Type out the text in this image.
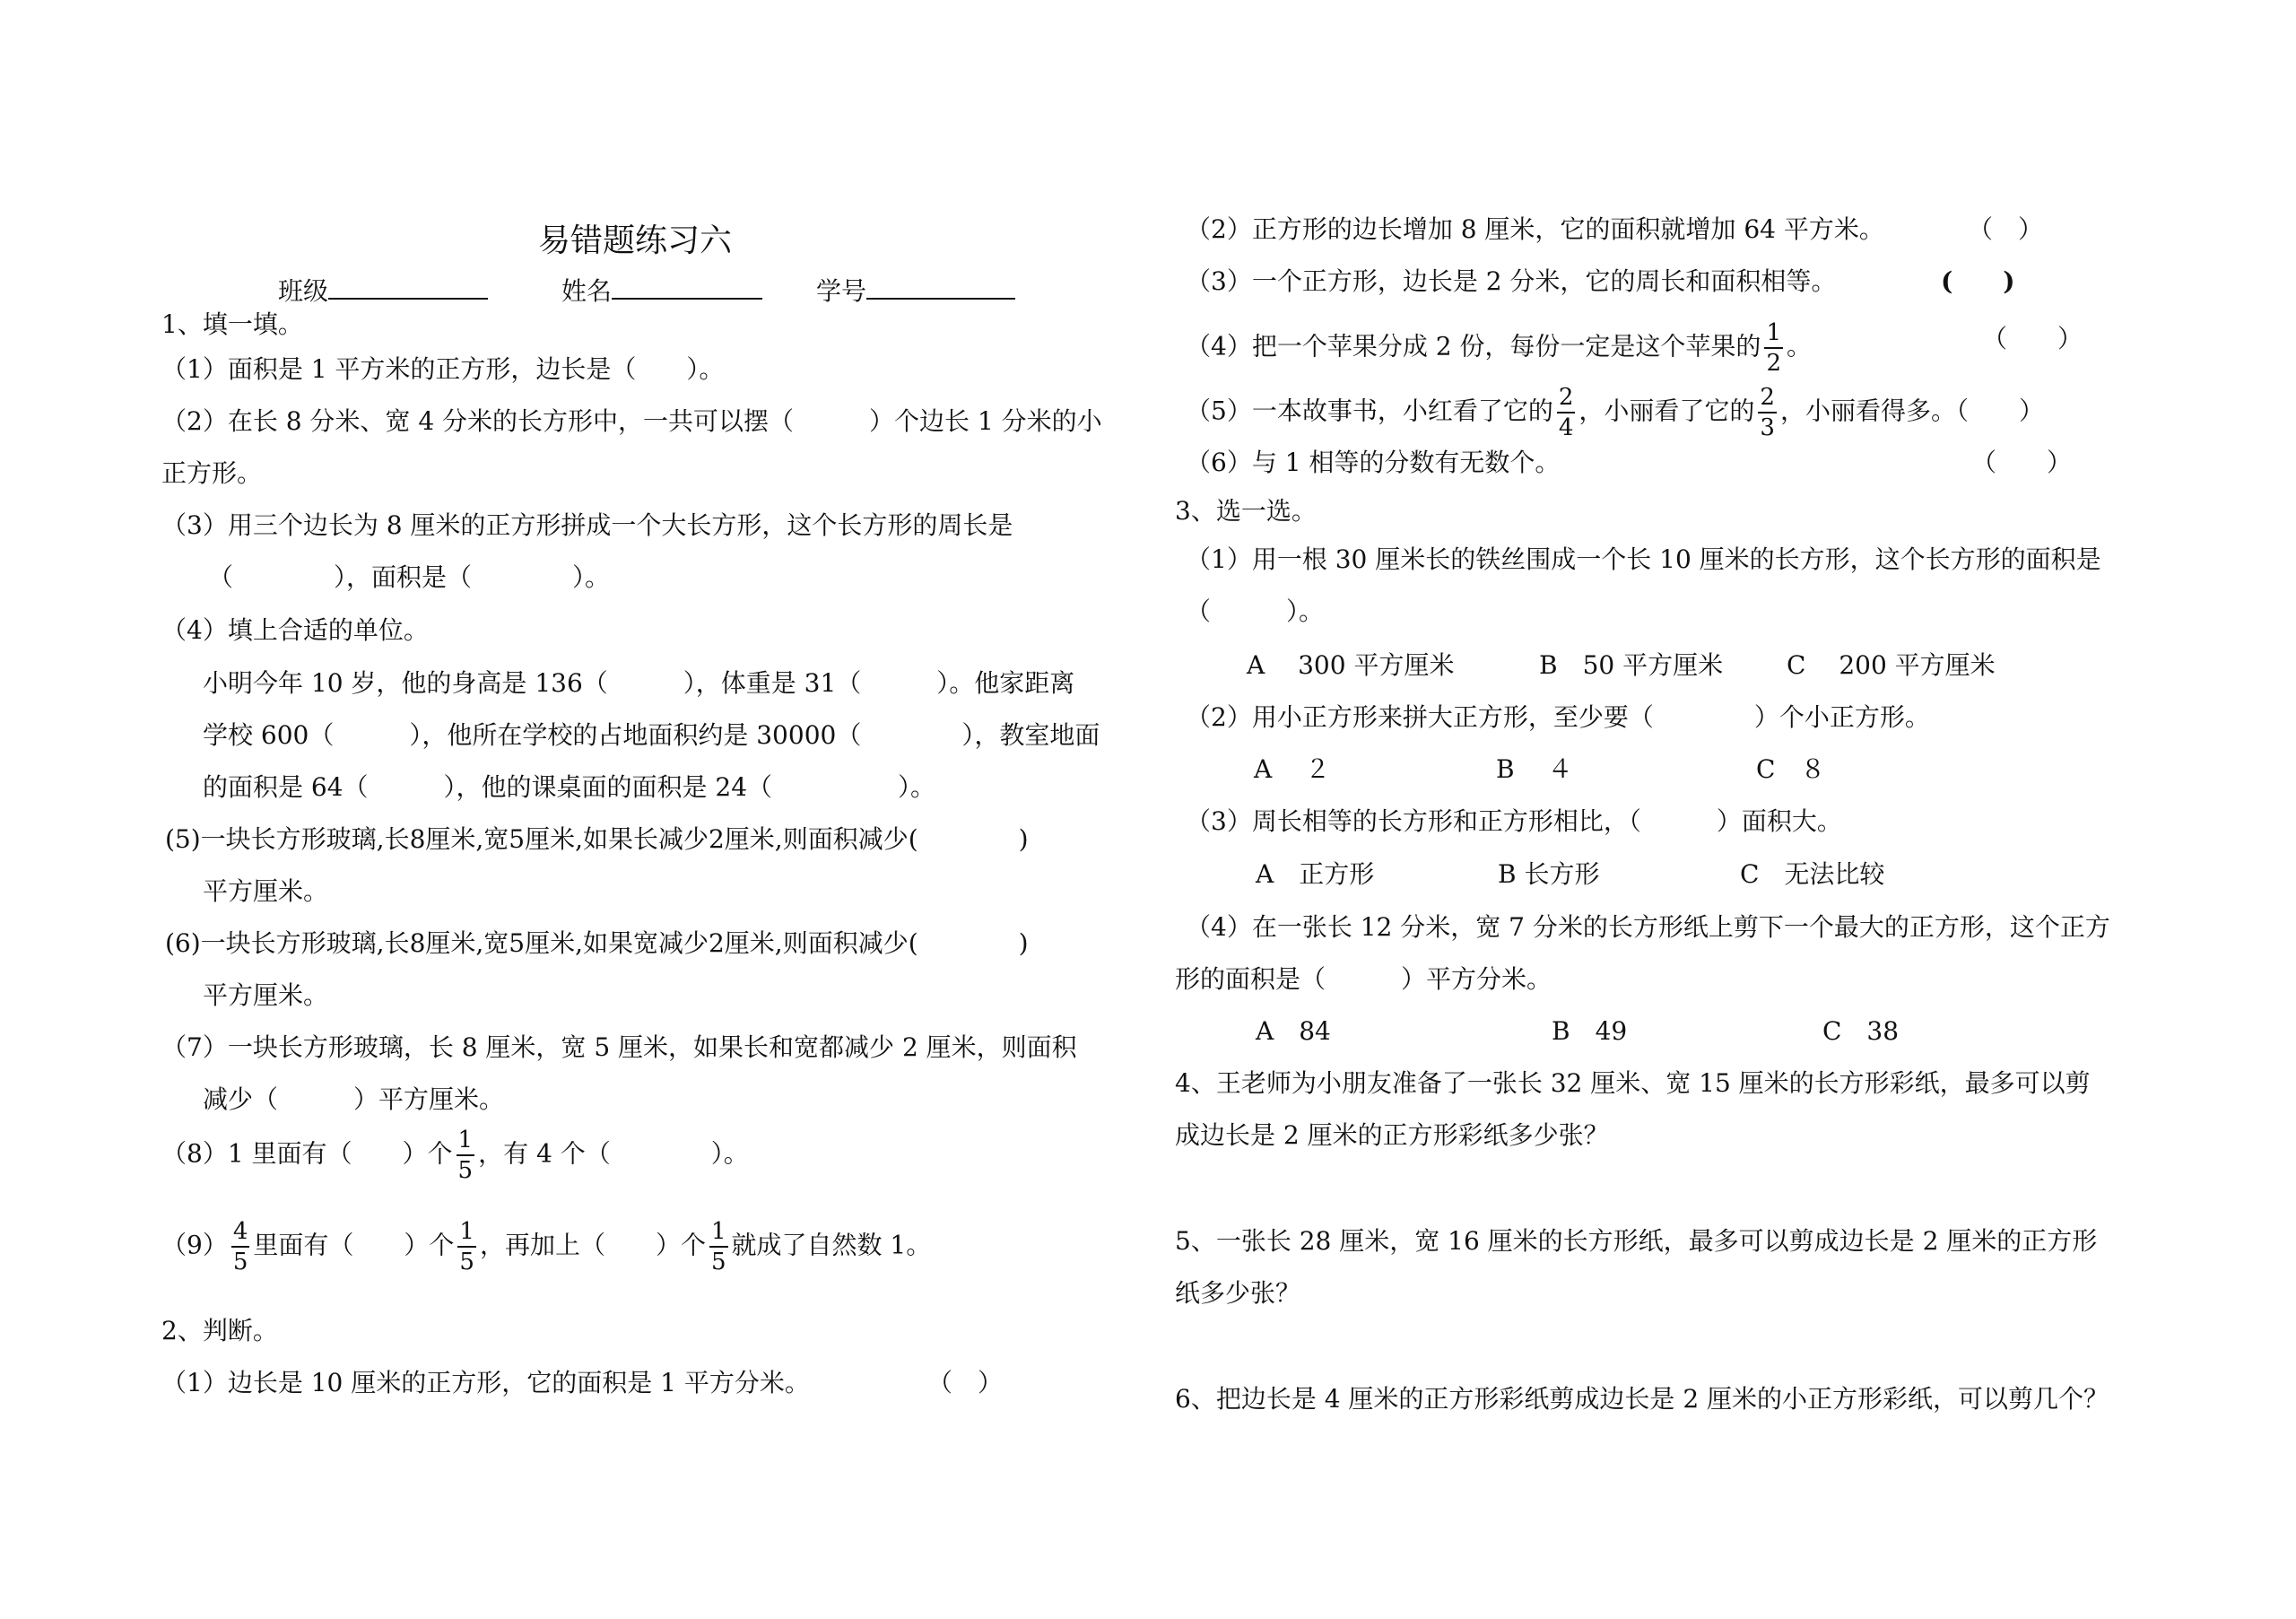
易错题练习六
班级	姓名	学号
1、填一填。
（1）面积是 1 平方米的正方形，边长是（　　）。
（2）在长 8 分米、宽 4 分米的长方形中，一共可以摆（　　　）个边长 1 分米的小
正方形。
（3）用三个边长为 8 厘米的正方形拼成一个大长方形，这个长方形的周长是
（　　　　），面积是（　　　　）。
（4）填上合适的单位。
小明今年 10 岁，他的身高是 136（　　　），体重是 31（　　　）。他家距离
学校 600（　　　），他所在学校的占地面积约是 30000（　　　　），教室地面
的面积是 64（　　　），他的课桌面的面积是 24（　　　　　）。
(5)一块长方形玻璃,长8厘米,宽5厘米,如果长减少2厘米,则面积减少(　　　　)
平方厘米。
(6)一块长方形玻璃,长8厘米,宽5厘米,如果宽减少2厘米,则面积减少(　　　　)
平方厘米。
（7）一块长方形玻璃，长 8 厘米，宽 5 厘米，如果长和宽都减少 2 厘米，则面积
减少（　　　）平方厘米。
（8）1 里面有（　　）个 $\frac{1}{5}$ ，有 4 个（　　　　）。
$(9) \frac{4}{5}$ 里面有（　　）个 $\frac{1}{5}$ ，再加上（　　）个 $\frac{1}{5}$ 就成了自然数 1。
2、判断。
（1）边长是 10 厘米的正方形，它的面积是 1 平方分米。	（　）
（2）正方形的边长增加 8 厘米，它的面积就增加 64 平方米。	（　）
（3）一个正方形，边长是 2 分米，它的周长和面积相等。	(　　)
（4）把一个苹果分成 2 份，每份一定是这个苹果的 $\frac{1}{2}$ 。	（　　）
（5）一本故事书，小红看了它的 $\frac{2}{4}$ ，小丽看了它的 $\frac{2}{3}$ ，小丽看得多。（　　）
（6）与 1 相等的分数有无数个。	（　　）
3、选一选。
（1）用一根 30 厘米长的铁丝围成一个长 10 厘米的长方形，这个长方形的面积是
（　　　）。
A　 300 平方厘米	B　50 平方厘米	C　 200 平方厘米
（2）用小正方形来拼大正方形，至少要（　　　　）个小正方形。
A　 ２	B　 ４	C　８
（3）周长相等的长方形和正方形相比，（　　　）面积大。
A　正方形	B 长方形	C　无法比较
（4）在一张长 12 分米，宽 7 分米的长方形纸上剪下一个最大的正方形，这个正方
形的面积是（　　　）平方分米。
A　84	B　49	C　38
4、王老师为小朋友准备了一张长 32 厘米、宽 15 厘米的长方形彩纸，最多可以剪
成边长是 2 厘米的正方形彩纸多少张？
5、一张长 28 厘米，宽 16 厘米的长方形纸，最多可以剪成边长是 2 厘米的正方形
纸多少张？
6、把边长是 4 厘米的正方形彩纸剪成边长是 2 厘米的小正方形彩纸，可以剪几个？
